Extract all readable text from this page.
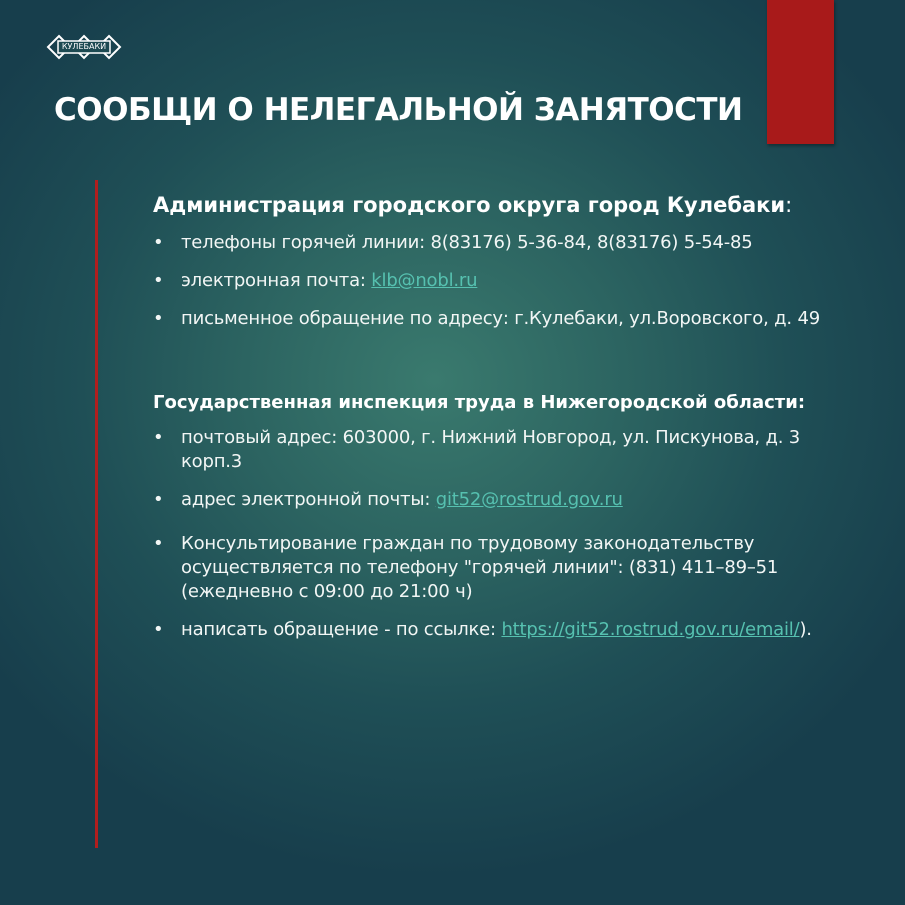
КУЛЕБАКИ
СООБЩИ О НЕЛЕГАЛЬНОЙ ЗАНЯТОСТИ
Администрация городского округа город Кулебаки:
• телефоны горячей линии: 8(83176) 5-36-84, 8(83176) 5-54-85
• электронная почта: klb@nobl.ru
• письменное обращение по адресу: г.Кулебаки, ул.Воровского, д. 49
Государственная инспекция труда в Нижегородской области:
• почтовый адрес: 603000, г. Нижний Новгород, ул. Пискунова, д. 3 корп.3
• адрес электронной почты: git52@rostrud.gov.ru
• Консультирование граждан по трудовому законодательству осуществляется по телефону "горячей линии": (831) 411–89–51 (ежедневно с 09:00 до 21:00 ч)
• написать обращение - по ссылке: https://git52.rostrud.gov.ru/email/).
